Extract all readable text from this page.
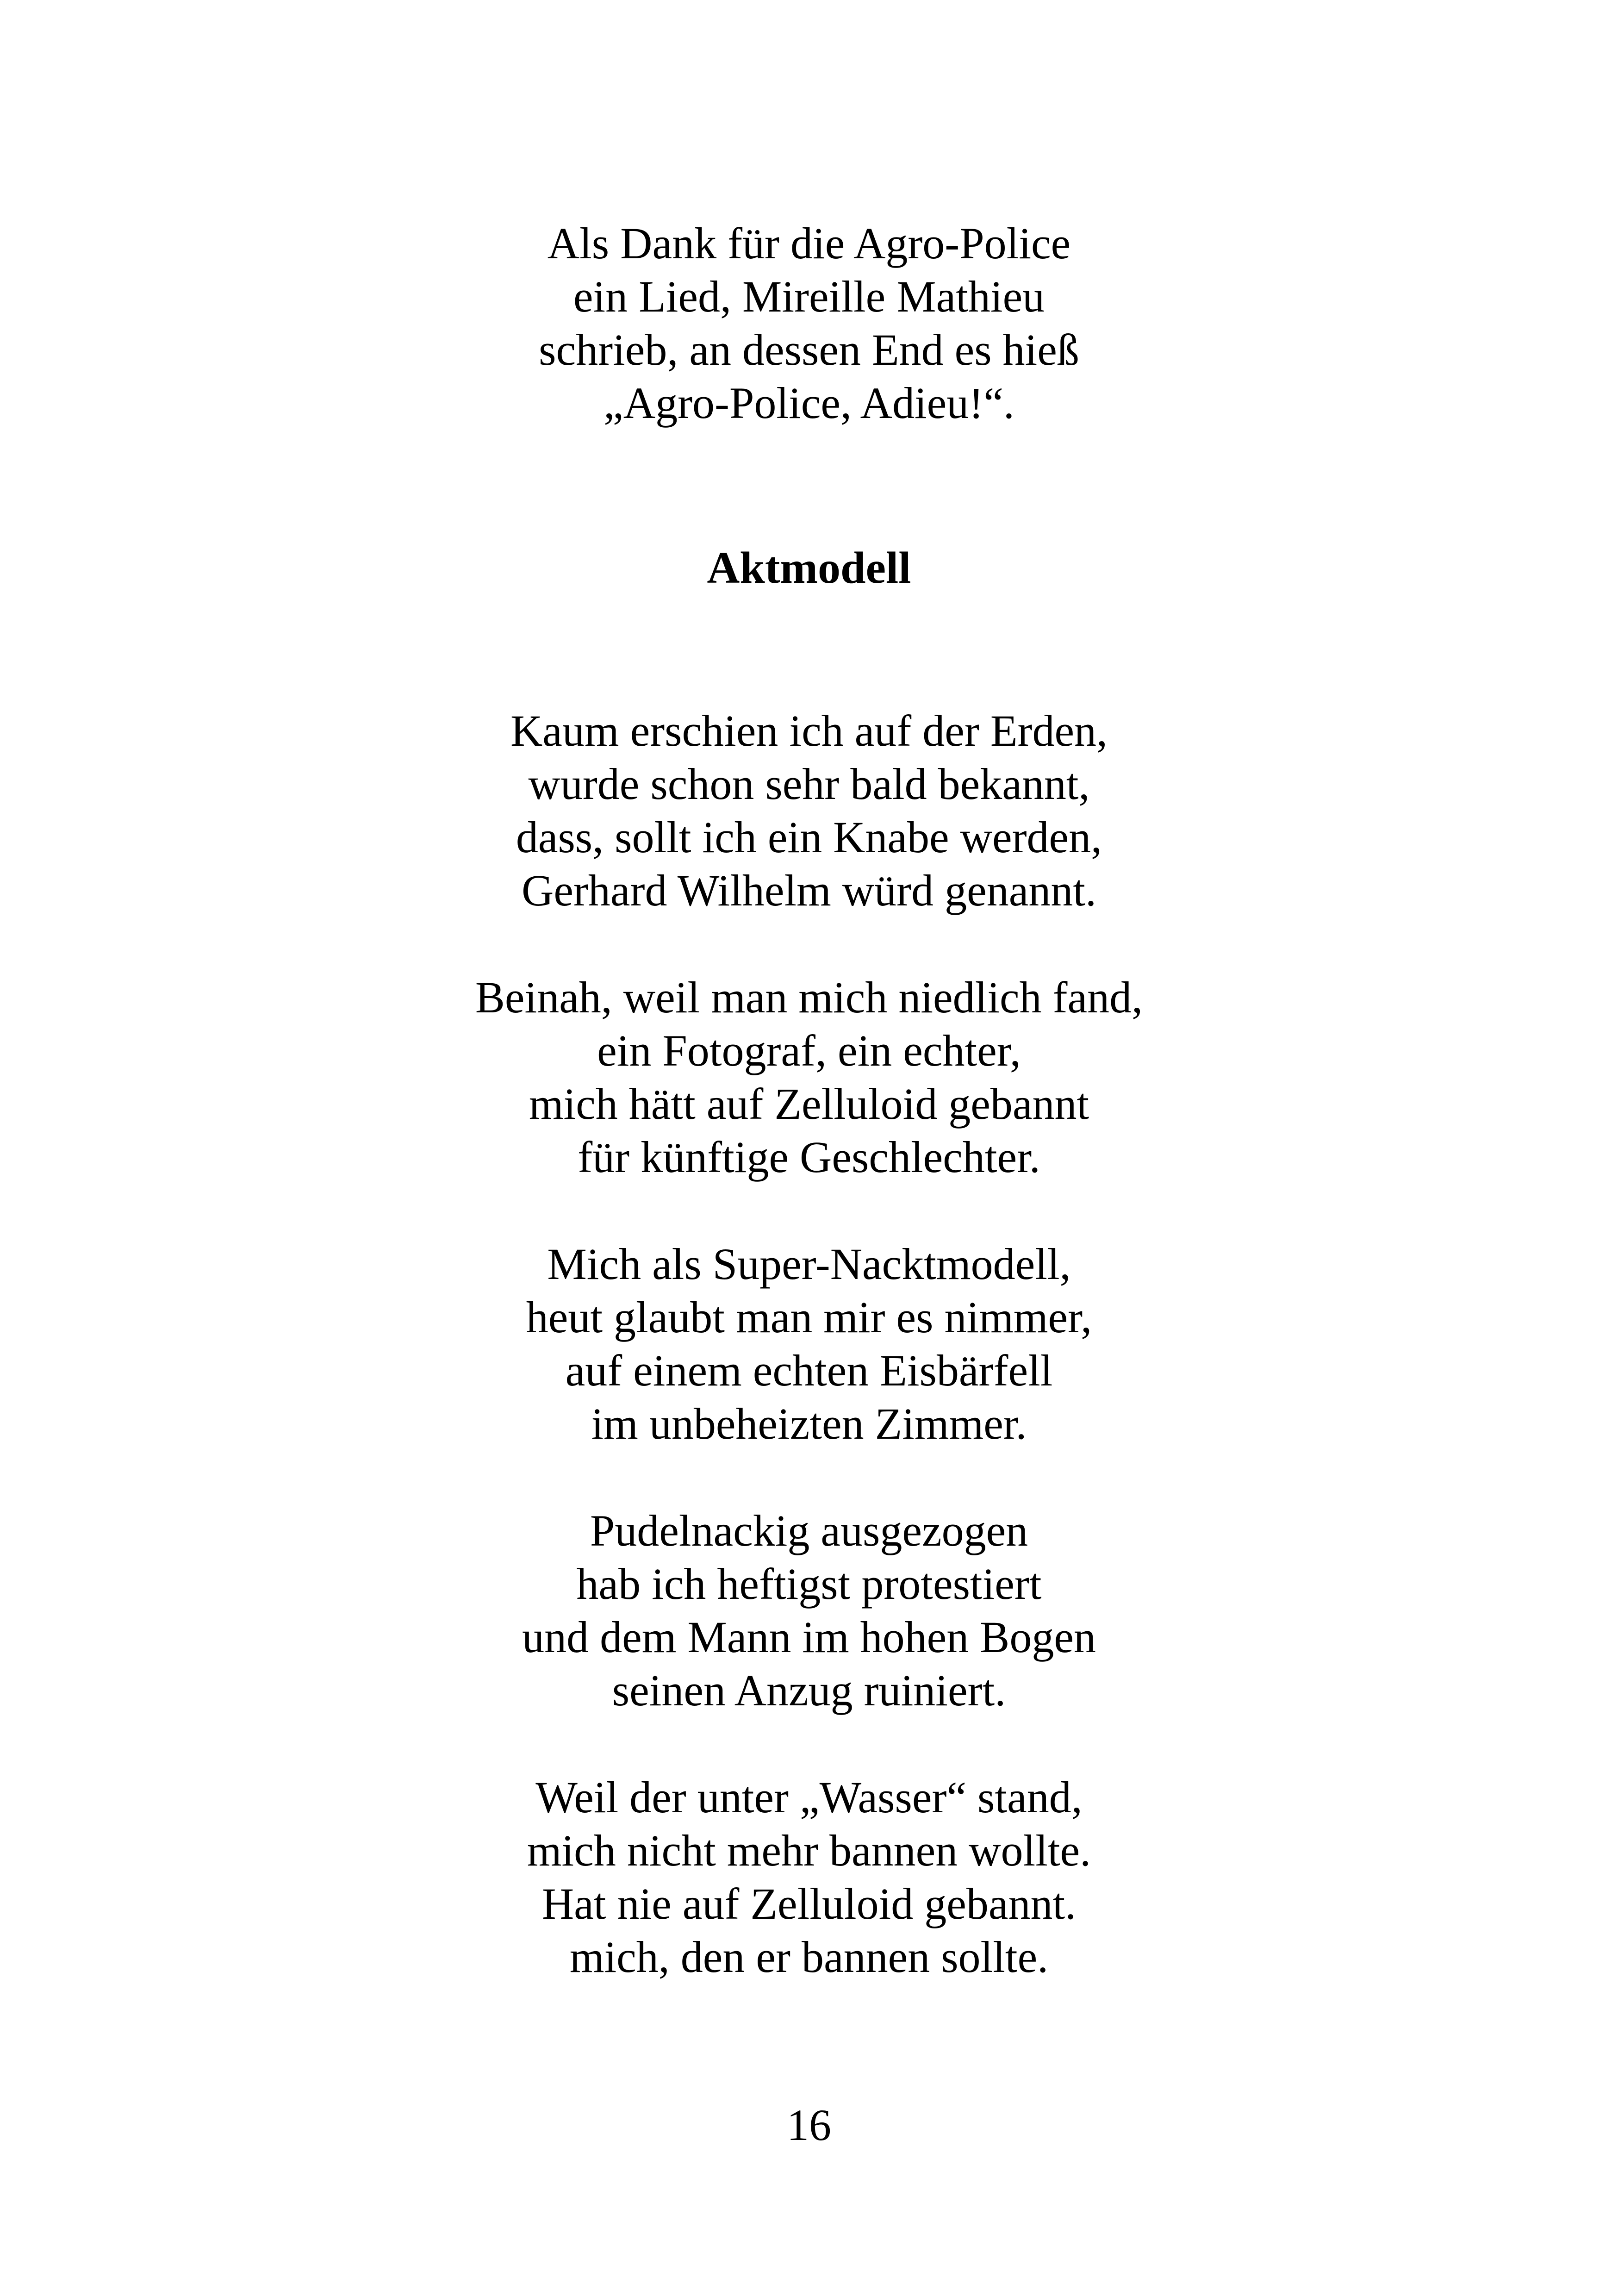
Als Dank für die Agro-Police
ein Lied, Mireille Mathieu
schrieb, an dessen End es hieß
„Agro-Police, Adieu!“.
Aktmodell
Kaum erschien ich auf der Erden,
wurde schon sehr bald bekannt,
dass, sollt ich ein Knabe werden,
Gerhard Wilhelm würd genannt.
Beinah, weil man mich niedlich fand,
ein Fotograf, ein echter,
mich hätt auf Zelluloid gebannt
für künftige Geschlechter.
Mich als Super-Nacktmodell,
heut glaubt man mir es nimmer,
auf einem echten Eisbärfell
im unbeheizten Zimmer.
Pudelnackig ausgezogen
hab ich heftigst protestiert
und dem Mann im hohen Bogen
seinen Anzug ruiniert.
Weil der unter „Wasser“ stand,
mich nicht mehr bannen wollte.
Hat nie auf Zelluloid gebannt.
mich, den er bannen sollte.
16
